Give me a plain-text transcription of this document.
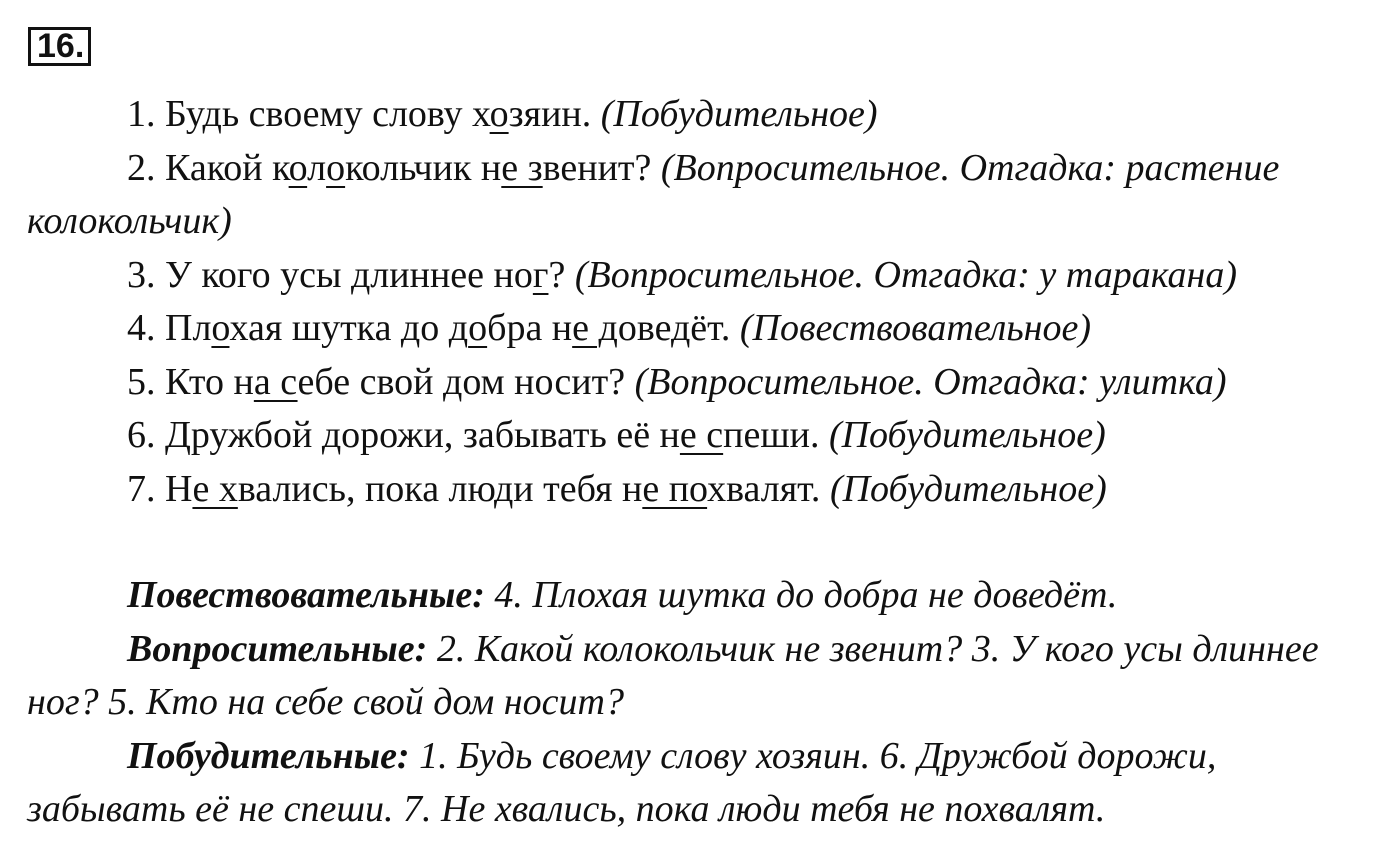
16.

1. Будь своему слову хозяин. (Побудительное)

2. Какой колокольчик не звенит? (Вопросительное. Отгадка: растение колокольчик)

3. У кого усы длиннее ног? (Вопросительное. Отгадка: у таракана)

4. Плохая шутка до добра не доведёт. (Повествовательное)

5. Кто на себе свой дом носит? (Вопросительное. Отгадка: улитка)

6. Дружбой дорожи, забывать её не спеши. (Побудительное)

7. Не хвались, пока люди тебя не похвалят. (Побудительное)

Повествовательные: 4. Плохая шутка до добра не доведёт.

Вопросительные: 2. Какой колокольчик не звенит? 3. У кого усы длиннее ног? 5. Кто на себе свой дом носит?

Побудительные: 1. Будь своему слову хозяин. 6. Дружбой дорожи, забывать её не спеши. 7. Не хвались, пока люди тебя не похвалят.
